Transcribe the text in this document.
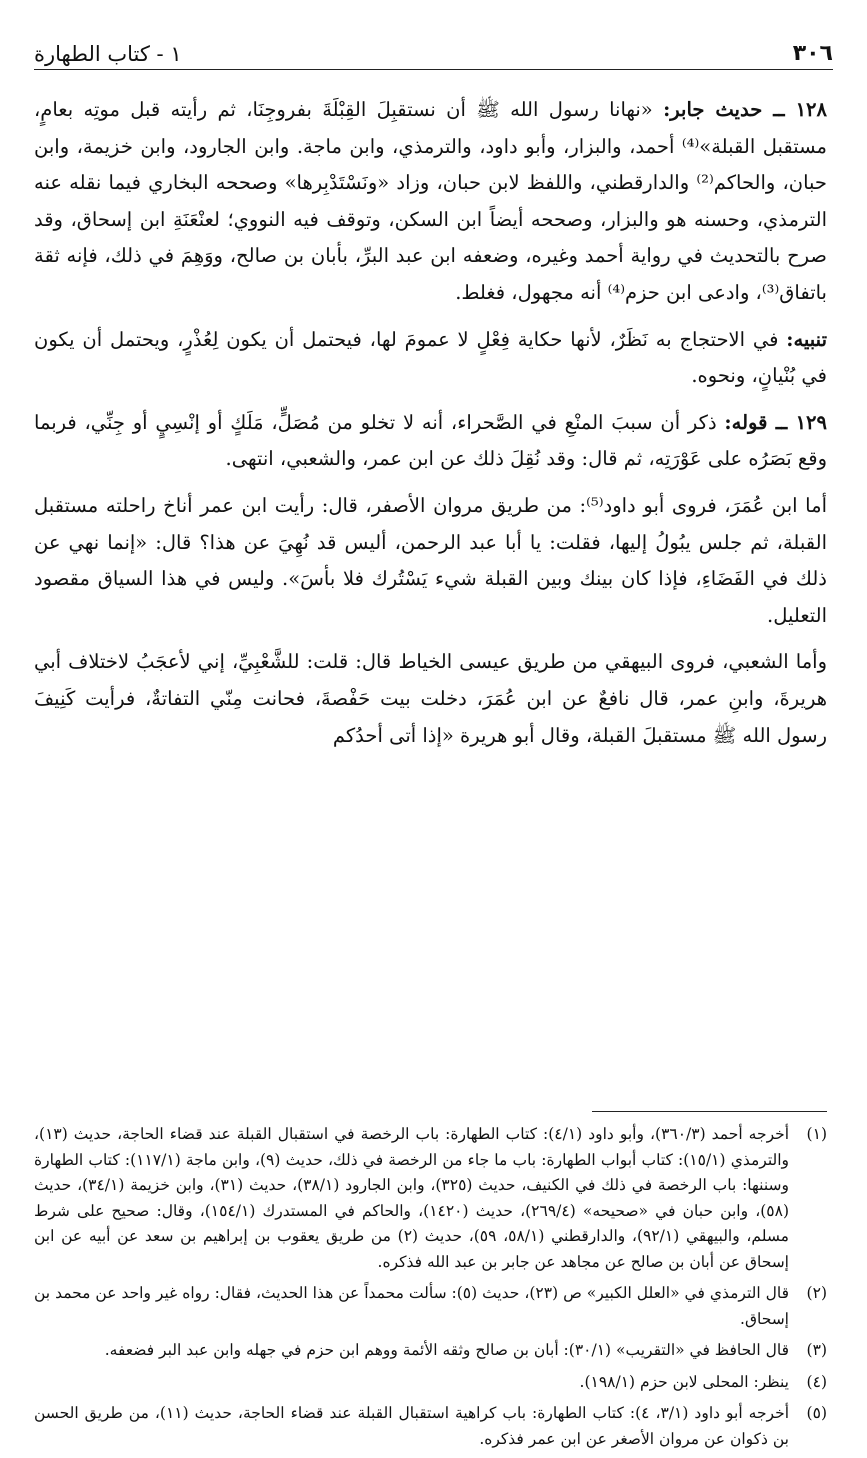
٣٠٦
١ - كتاب الطهارة

١٢٨ ــ حديث جابر: «نهانا رسول الله ﷺ أن نستقبِلَ القِبْلَةَ بفروجِنَا، ثم رأيته قبل موتِه بعامٍ، مستقبل القبلة»⁽⁴⁾ أحمد، والبزار، وأبو داود، والترمذي، وابن ماجة. وابن الجارود، وابن خزيمة، وابن حبان، والحاكم⁽²⁾ والدارقطني، واللفظ لابن حبان، وزاد «ونَسْتَدْبِرها» وصححه البخاري فيما نقله عنه الترمذي، وحسنه هو والبزار، وصححه أيضاً ابن السكن، وتوقف فيه النووي؛ لعنْعَنَةِ ابن إسحاق، وقد صرح بالتحديث في رواية أحمد وغيره، وضعفه ابن عبد البرِّ، بأبان بن صالح، ووَهِمَ في ذلك، فإنه ثقة باتفاق⁽³⁾، وادعى ابن حزم⁽⁴⁾ أنه مجهول، فغلط.

تنبيه: في الاحتجاج به نَظَرٌ، لأنها حكاية فِعْلٍ لا عمومَ لها، فيحتمل أن يكون لِعُذْرٍ، ويحتمل أن يكون في بُنْيانٍ، ونحوه.

١٢٩ ــ قوله: ذكر أن سببَ المنْعِ في الصَّحراء، أنه لا تخلو من مُصَلٍّ، مَلَكٍ أو إنْسِيٍ أو جِنِّي، فربما وقع بَصَرُه على عَوْرَتِه، ثم قال: وقد نُقِلَ ذلك عن ابن عمر، والشعبي، انتهى.

أما ابن عُمَرَ، فروى أبو داود⁽⁵⁾: من طريق مروان الأصفر، قال: رأيت ابن عمر أناخ راحلته مستقبل القبلة، ثم جلس يبُولُ إليها، فقلت: يا أبا عبد الرحمن، أليس قد نُهِيَ عن هذا؟ قال: «إنما نهي عن ذلك في الفَضَاءِ، فإذا كان بينك وبين القبلة شيء يَسْتُرك فلا بأسَ». وليس في هذا السياق مقصود التعليل.

وأما الشعبي، فروى البيهقي من طريق عيسى الخياط قال: قلت: للشَّعْبِيِّ، إني لأعجَبُ لاختلاف أبي هريرةَ، وابنِ عمر، قال نافعٌ عن ابن عُمَرَ، دخلت بيت حَفْصةَ، فحانت مِنّي التفاتةٌ، فرأيت كَنِيفَ رسول الله ﷺ مستقبلَ القبلة، وقال أبو هريرة «إذا أتى أحدُكم

(١)
أخرجه أحمد (٣٦٠/٣)، وأبو داود (٤/١): كتاب الطهارة: باب الرخصة في استقبال القبلة عند قضاء الحاجة، حديث (١٣)، والترمذي (١٥/١): كتاب أبواب الطهارة: باب ما جاء من الرخصة في ذلك، حديث (٩)، وابن ماجة (١١٧/١): كتاب الطهارة وسننها: باب الرخصة في ذلك في الكنيف، حديث (٣٢٥)، وابن الجارود (٣٨/١)، حديث (٣١)، وابن خزيمة (٣٤/١)، حديث (٥٨)، وابن حبان في «صحيحه» (٢٦٩/٤)، حديث (١٤٢٠)، والحاكم في المستدرك (١٥٤/١)، وقال: صحيح على شرط مسلم، والبيهقي (٩٢/١)، والدارقطني (٥٨/١، ٥٩)، حديث (٢) من طريق يعقوب بن إبراهيم بن سعد عن أبيه عن ابن إسحاق عن أبان بن صالح عن مجاهد عن جابر بن عبد الله فذكره.
(٢)
قال الترمذي في «العلل الكبير» ص (٢٣)، حديث (٥): سألت محمداً عن هذا الحديث، فقال: رواه غير واحد عن محمد بن إسحاق.
(٣)
قال الحافظ في «التقريب» (٣٠/١): أبان بن صالح وثقه الأئمة ووهم ابن حزم في جهله وابن عبد البر فضعفه.
(٤)
ينظر: المحلى لابن حزم (١٩٨/١).
(٥)
أخرجه أبو داود (٣/١، ٤): كتاب الطهارة: باب كراهية استقبال القبلة عند قضاء الحاجة، حديث (١١)، من طريق الحسن بن ذكوان عن مروان الأصغر عن ابن عمر فذكره.
